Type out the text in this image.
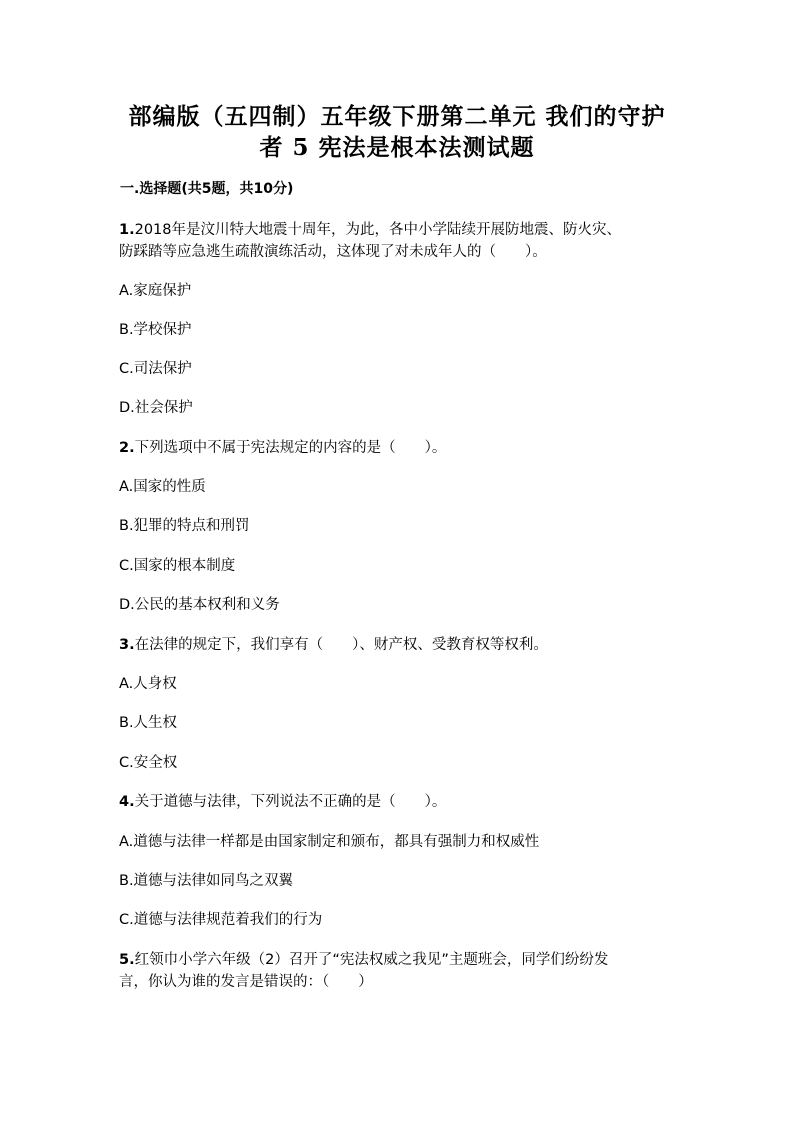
部编版（五四制）五年级下册第二单元 我们的守护
者 5 宪法是根本法测试题
一.选择题(共5题，共10分)
1.2018年是汶川特大地震十周年，为此，各中小学陆续开展防地震、防火灾、
防踩踏等应急逃生疏散演练活动，这体现了对未成年人的（　　）。
A.家庭保护
B.学校保护
C.司法保护
D.社会保护
2.下列选项中不属于宪法规定的内容的是（　　）。
A.国家的性质
B.犯罪的特点和刑罚
C.国家的根本制度
D.公民的基本权利和义务
3.在法律的规定下，我们享有（　　）、财产权、受教育权等权利。
A.人身权
B.人生权
C.安全权
4.关于道德与法律，下列说法不正确的是（　　）。
A.道德与法律一样都是由国家制定和颁布，都具有强制力和权威性
B.道德与法律如同鸟之双翼
C.道德与法律规范着我们的行为
5.红领巾小学六年级（2）召开了“宪法权威之我见”主题班会，同学们纷纷发
言，你认为谁的发言是错误的：（　　）
